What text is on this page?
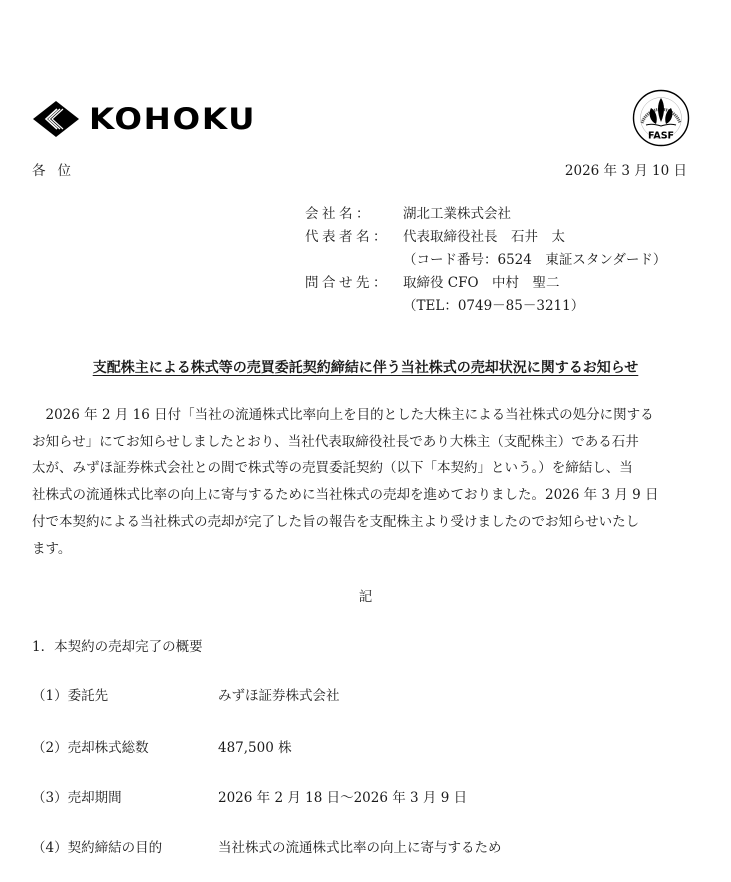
KOHOKU	FASF
各位	2026 年 3 月 10 日
会社名：	湖北工業株式会社
代表者名： 代表取締役社長　石井　太
（コード番号：6524　東証スタンダード）
問合せ先： 取締役 CFO　中村　聖二
（TEL：0749－85－3211）
支配株主による株式等の売買委託契約締結に伴う当社株式の売却状況に関するお知らせ
　2026 年 2 月 16 日付「当社の流通株式比率向上を目的とした大株主による当社株式の処分に関する
お知らせ」にてお知らせしましたとおり、当社代表取締役社長であり大株主（支配株主）である石井
太が、みずほ証券株式会社との間で株式等の売買委託契約（以下「本契約」という。）を締結し、当
社株式の流通株式比率の向上に寄与するために当社株式の売却を進めておりました。2026 年 3 月 9 日
付で本契約による当社株式の売却が完了した旨の報告を支配株主より受けましたのでお知らせいたし
ます。
記
1．本契約の売却完了の概要
（1）委託先	みずほ証券株式会社
（2）売却株式総数	487,500 株
（3）売却期間	2026 年 2 月 18 日～2026 年 3 月 9 日
（4）契約締結の目的	当社株式の流通株式比率の向上に寄与するため
